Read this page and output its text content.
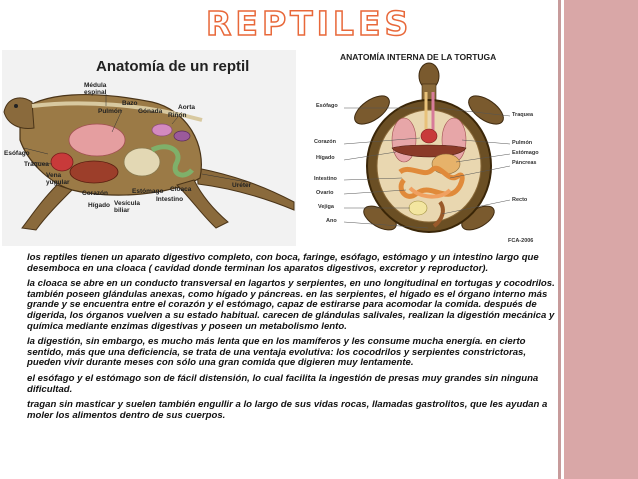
REPTILES
Anatomía de un reptil
Médula
espinal
Bazo
Aorta
Pulmón Gónada
Riñon
Esófago
Tráquea
Vena
yugular
Corazón
Hígado Vesícula
biliar
Estómago Cloaca
Intestino
Uréter
ANATOMÍA INTERNA DE LA TORTUGA
Esófago
Traquea
Corazón
Hígado
Pulmón
Estómago
Páncreas
Intestino
Ovario
Vejiga
Ano
Recto
FCA-2006

los reptiles tienen un aparato digestivo completo, con boca, faringe, esófago, estómago y un intestino largo que desemboca en una cloaca ( cavidad donde terminan los aparatos digestivos, excretor y reproductor).

la cloaca se abre en un conducto transversal en lagartos y serpientes, en uno longitudinal en tortugas y cocodrilos. también poseen glándulas anexas, como hígado y páncreas. en las serpientes, el hígado es el órgano interno más grande y se encuentra entre el corazón y el estómago, capaz de estirarse para acomodar la comida. después de digerida, los órganos vuelven a su estado habitual. carecen de glándulas salivales, realizan la digestión mecánica y química mediante enzimas digestivas y poseen un metabolismo lento.

la digestión, sin embargo, es mucho más lenta que en los mamíferos y les consume mucha energía. en cierto sentido, más que una deficiencia, se trata de una ventaja evolutiva: los cocodrilos y serpientes constrictoras, pueden vivir durante meses con sólo una gran comida que digieren muy lentamente.

el esófago y el estómago son de fácil distensión, lo cual facilita la ingestión de presas muy grandes sin ninguna dificultad.

tragan sin masticar y suelen también engullir a lo largo de sus vidas rocas, llamadas gastrolitos, que les ayudan a moler los alimentos dentro de sus cuerpos.
